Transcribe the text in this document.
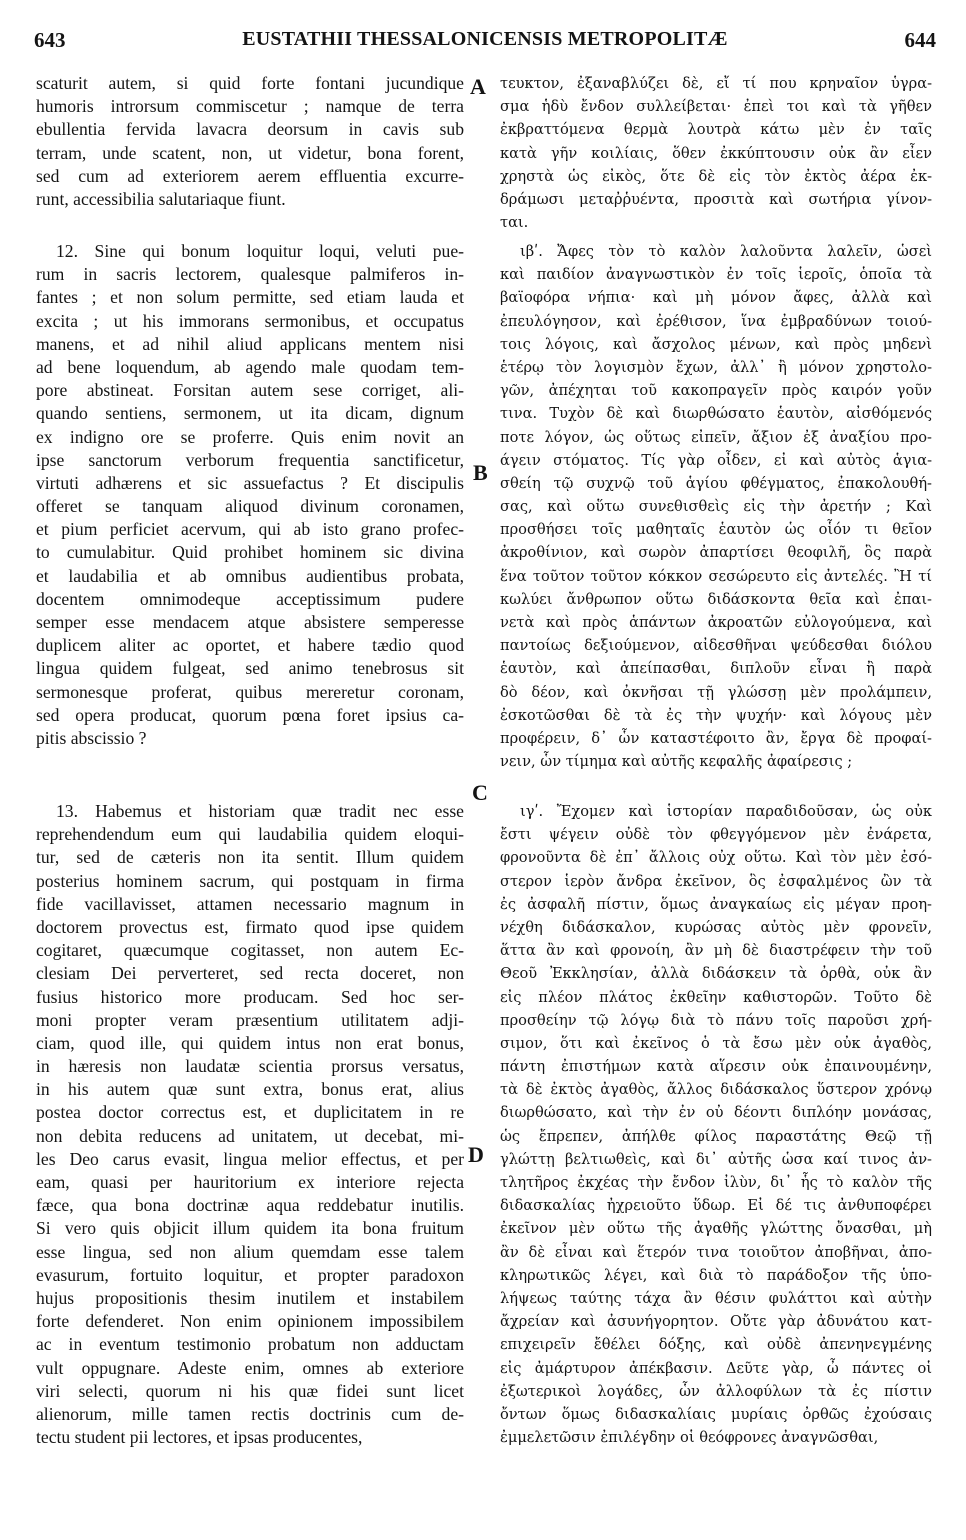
643	EUSTATHII THESSALONICENSIS METROPOLITÆ	644
scaturit autem, si quid forte fontani jucundique
humoris introrsum commiscetur ; namque de terra
ebullentia fervida lavacra deorsum in cavis sub
terram, unde scatent, non, ut videtur, bona forent,
sed cum ad exteriorem aerem effluentia excurre-
runt, accessibilia salutariaque fiunt.
12. Sine qui bonum loquitur loqui, veluti pue-
rum in sacris lectorem, qualesque palmiferos in-
fantes ; et non solum permitte, sed etiam lauda et
excita ; ut his immorans sermonibus, et occupatus
manens, et ad nihil aliud applicans mentem nisi
ad bene loquendum, ab agendo male quodam tem-
pore abstineat. Forsitan autem sese corriget, ali-
quando sentiens, sermonem, ut ita dicam, dignum
ex indigno ore se proferre. Quis enim novit an
ipse sanctorum verborum frequentia sanctificetur,
virtuti adhærens et sic assuefactus ? Et discipulis
offeret se tanquam aliquod divinum coronamen,
et pium perficiet acervum, qui ab isto grano profec-
to cumulabitur. Quid prohibet hominem sic divina
et laudabilia et ab omnibus audientibus probata,
docentem omnimodeque acceptissimum pudere
semper esse mendacem atque absistere semperesse
duplicem aliter ac oportet, et habere tædio quod
lingua quidem fulgeat, sed animo tenebrosus sit
sermonesque proferat, quibus mereretur coronam,
sed opera producat, quorum pœna foret ipsius ca-
pitis abscissio ?
13. Habemus et historiam quæ tradit nec esse
reprehendendum eum qui laudabilia quidem eloqui-
tur, sed de cæteris non ita sentit. Illum quidem
posterius hominem sacrum, qui postquam in firma
fide vacillavisset, attamen necessario magnum in
doctorem provectus est, firmato quod ipse quidem
cogitaret, quæcumque cogitasset, non autem Ec-
clesiam Dei perverteret, sed recta doceret, non
fusius historico more producam. Sed hoc ser-
moni propter veram præsentium utilitatem adji-
ciam, quod ille, qui quidem intus non erat bonus,
in hæresis non laudatæ scientia prorsus versatus,
in his autem quæ sunt extra, bonus erat, alius
postea doctor correctus est, et duplicitatem in re
non debita reducens ad unitatem, ut decebat, mi-
les Deo carus evasit, lingua melior effectus, et per
eam, quasi per hauritorium ex interiore rejecta
fæce, qua bona doctrinæ aqua reddebatur inutilis.
Si vero quis objicit illum quidem ita bona fruitum
esse lingua, sed non alium quemdam esse talem
evasurum, fortuito loquitur, et propter paradoxon
hujus propositionis thesim inutilem et instabilem
forte defenderet. Non enim opinionem impossibilem
ac in eventum testimonio probatum non adductam
vult oppugnare. Adeste enim, omnes ab exteriore
viri selecti, quorum ni his quæ fidei sunt licet
alienorum, mille tamen rectis doctrinis cum de-
tectu student pii lectores, et ipsas producentes,
τευκτον, ἐξαναβλύζει δὲ, εἴ τί που κρηναῖον ὑγρα-
σμα ἡδὺ ἔνδον συλλείβεται· ἐπεὶ τοι καὶ τὰ γῆθεν
ἐκβραττόμενα θερμὰ λουτρὰ κάτω μὲν ἐν ταῖς
κατὰ γῆν κοιλίαις, ὅθεν ἐκκύπτουσιν οὐκ ἂν εἶεν
χρηστὰ ὡς εἰκὸς, ὅτε δὲ εἰς τὸν ἐκτὸς ἀέρα ἐκ-
δράμωσι μεταῤῥυέντα, προσιτὰ καὶ σωτήρια γίνον-
ται.
ιβʹ. Ἄφες τὸν τὸ καλὸν λαλοῦντα λαλεῖν, ὡσεὶ
καὶ παιδίον ἀναγνωστικὸν ἐν τοῖς ἱεροῖς, ὁποῖα τὰ
βαϊοφόρα νήπια· καὶ μὴ μόνον ἄφες, ἀλλὰ καὶ
ἐπευλόγησον, καὶ ἐρέθισον, ἵνα ἐμβραδύνων τοιού-
τοις λόγοις, καὶ ἄσχολος μένων, καὶ πρὸς μηδενὶ
ἑτέρῳ τὸν λογισμὸν ἔχων, ἀλλ᾽ ἢ μόνον χρηστολο-
γῶν, ἀπέχηται τοῦ κακοπραγεῖν πρὸς καιρόν γοῦν
τινα. Τυχὸν δὲ καὶ διωρθώσατο ἑαυτὸν, αἰσθόμενός
ποτε λόγον, ὡς οὕτως εἰπεῖν, ἄξιον ἐξ ἀναξίου προ-
άγειν στόματος. Τίς γὰρ οἶδεν, εἰ καὶ αὐτὸς ἁγια-
σθείη τῷ συχνῷ τοῦ ἁγίου φθέγματος, ἐπακολουθή-
σας, καὶ οὕτω συνεθισθεὶς εἰς τὴν ἀρετήν ; Καὶ
προσθήσει τοῖς μαθηταῖς ἑαυτὸν ὡς οἷόν τι θεῖον
ἀκροθίνιον, καὶ σωρὸν ἀπαρτίσει θεοφιλῆ, ὃς παρὰ
ἕνα τοῦτον τοῦτον κόκκον σεσώρευτο εἰς ἀντελές. Ἢ τί
κωλύει ἄνθρωπον οὕτω διδάσκοντα θεῖα καὶ ἐπαι-
νετὰ καὶ πρὸς ἁπάντων ἀκροατῶν εὐλογούμενα, καὶ
παντοίως δεξιούμενον, αἰδεσθῆναι ψεύδεσθαι διόλου
ἑαυτὸν, καὶ ἀπείπασθαι, διπλοῦν εἶναι ἢ παρὰ
δὸ δέον, καὶ ὀκνῆσαι τῇ γλώσσῃ μὲν προλάμπειν,
ἐσκοτῶσθαι δὲ τὰ ἐς τὴν ψυχήν· καὶ λόγους μὲν
προφέρειν, δ᾽ ὧν καταστέφοιτο ἂν, ἔργα δὲ προφαί-
νειν, ὧν τίμημα καὶ αὐτῆς κεφαλῆς ἀφαίρεσις ;
ιγʹ. Ἔχομεν καὶ ἱστορίαν παραδιδοῦσαν, ὡς οὐκ
ἔστι ψέγειν οὐδὲ τὸν φθεγγόμενον μὲν ἐνάρετα,
φρονοῦντα δὲ ἐπ᾽ ἄλλοις οὐχ οὕτω. Καὶ τὸν μὲν ἐσό-
στερον ἱερὸν ἄνδρα ἐκεῖνον, ὃς ἐσφαλμένος ὢν τὰ
ἐς ἀσφαλῆ πίστιν, ὅμως ἀναγκαίως εἰς μέγαν προη-
νέχθη διδάσκαλον, κυρώσας αὐτὸς μὲν φρονεῖν,
ἅττα ἂν καὶ φρονοίη, ἂν μὴ δὲ διαστρέφειν τὴν τοῦ
Θεοῦ Ἐκκλησίαν, ἀλλὰ διδάσκειν τὰ ὀρθὰ, οὐκ ἂν
εἰς πλέον πλάτος ἐκθεῖην καθιστορῶν. Τοῦτο δὲ
προσθείην τῷ λόγῳ διὰ τὸ πάνυ τοῖς παροῦσι χρή-
σιμον, ὅτι καὶ ἐκεῖνος ὁ τὰ ἔσω μὲν οὐκ ἀγαθὸς,
πάντη ἐπιστήμων κατὰ αἵρεσιν οὐκ ἐπαινουμένην,
τὰ δὲ ἐκτὸς ἀγαθὸς, ἄλλος διδάσκαλος ὕστερον χρόνῳ
διωρθώσατο, καὶ τὴν ἐν οὐ δέοντι διπλόην μονάσας,
ὡς ἔπρεπεν, ἀπήλθε φίλος παραστάτης Θεῷ τῇ
γλώττῃ βελτιωθεὶς, καὶ δι᾽ αὐτῆς ὡσα καί τινος ἀν-
τλητῆρος ἐκχέας τὴν ἔνδον ἰλὺν, δι᾽ ἧς τὸ καλὸν τῆς
διδασκαλίας ἠχρειοῦτο ὕδωρ. Εἰ δέ τις ἀνθυποφέρει
ἐκεῖνον μὲν οὕτω τῆς ἀγαθῆς γλώττης ὄνασθαι, μὴ
ἂν δὲ εἶναι καὶ ἕτερόν τινα τοιοῦτον ἀποβῆναι, ἀπο-
κληρωτικῶς λέγει, καὶ διὰ τὸ παράδοξον τῆς ὑπο-
λήψεως ταύτης τάχα ἂν θέσιν φυλάττοι καὶ αὐτὴν
ἄχρείαν καὶ ἀσυνήγορητον. Οὔτε γὰρ ἀδυνάτου κατ-
επιχειρεῖν ἔθέλει δόξης, καὶ οὐδὲ ἀπενηνεγμένης
εἰς ἀμάρτυρον ἀπέκβασιν. Δεῦτε γὰρ, ὦ πάντες οἱ
ἐξωτερικοὶ λογάδες, ὧν ἀλλοφύλων τὰ ἐς πίστιν
ὄντων ὅμως διδασκαλίαις μυρίαις ὀρθῶς ἐχούσαις
ἐμμελετῶσιν ἐπιλέγδην οἱ θεόφρονες ἀναγνῶσθαι,
A
B
C
D
